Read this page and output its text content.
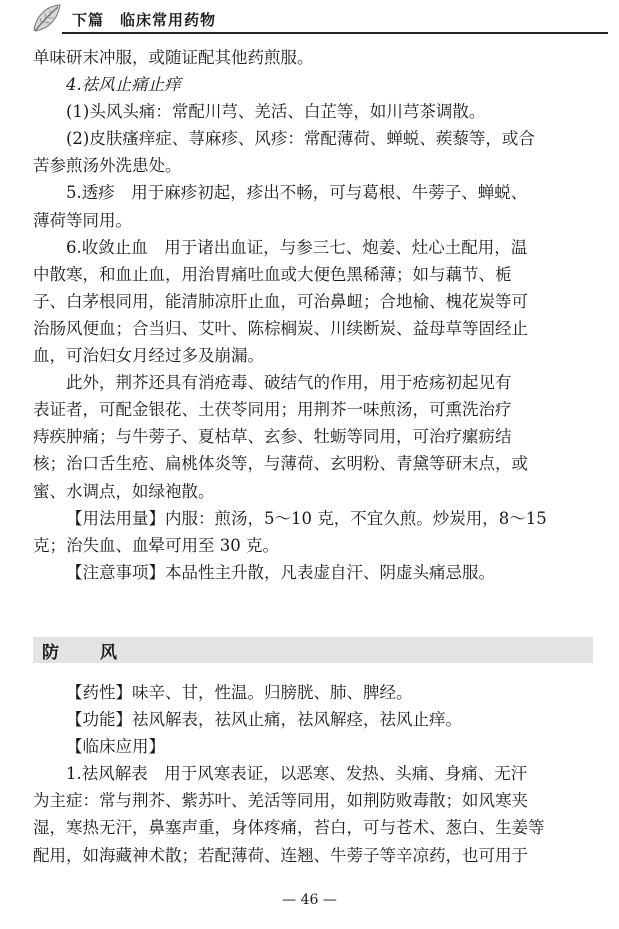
下篇 临床常用药物
单味研末冲服，或随证配其他药煎服。
4.祛风止痛止痒
(1)头风头痛：常配川芎、羌活、白芷等，如川芎茶调散。
(2)皮肤瘙痒症、荨麻疹、风疹：常配薄荷、蝉蜕、蒺藜等，或合
苦参煎汤外洗患处。
5.透疹　用于麻疹初起，疹出不畅，可与葛根、牛蒡子、蝉蜕、
薄荷等同用。
6.收敛止血　用于诸出血证，与参三七、炮姜、灶心土配用，温
中散寒，和血止血，用治胃痛吐血或大便色黑稀薄；如与藕节、栀
子、白茅根同用，能清肺凉肝止血，可治鼻衄；合地榆、槐花炭等可
治肠风便血；合当归、艾叶、陈棕榈炭、川续断炭、益母草等固经止
血，可治妇女月经过多及崩漏。
此外，荆芥还具有消疮毒、破结气的作用，用于疮疡初起见有
表证者，可配金银花、土茯苓同用；用荆芥一味煎汤，可熏洗治疗
痔疾肿痛；与牛蒡子、夏枯草、玄参、牡蛎等同用，可治疗瘰疬结
核；治口舌生疮、扁桃体炎等，与薄荷、玄明粉、青黛等研末点，或
蜜、水调点，如绿袍散。
【用法用量】内服：煎汤，5～10 克，不宜久煎。炒炭用，8～15
克；治失血、血晕可用至 30 克。
【注意事项】本品性主升散，凡表虚自汗、阴虚头痛忌服。
防　风
【药性】味辛、甘，性温。归膀胱、肺、脾经。
【功能】祛风解表，祛风止痛，祛风解痉，祛风止痒。
【临床应用】
1.祛风解表　用于风寒表证，以恶寒、发热、头痛、身痛、无汗
为主症：常与荆芥、紫苏叶、羌活等同用，如荆防败毒散；如风寒夹
湿，寒热无汗，鼻塞声重，身体疼痛，苔白，可与苍术、葱白、生姜等
配用，如海藏神术散；若配薄荷、连翘、牛蒡子等辛凉药，也可用于
— 46 —
